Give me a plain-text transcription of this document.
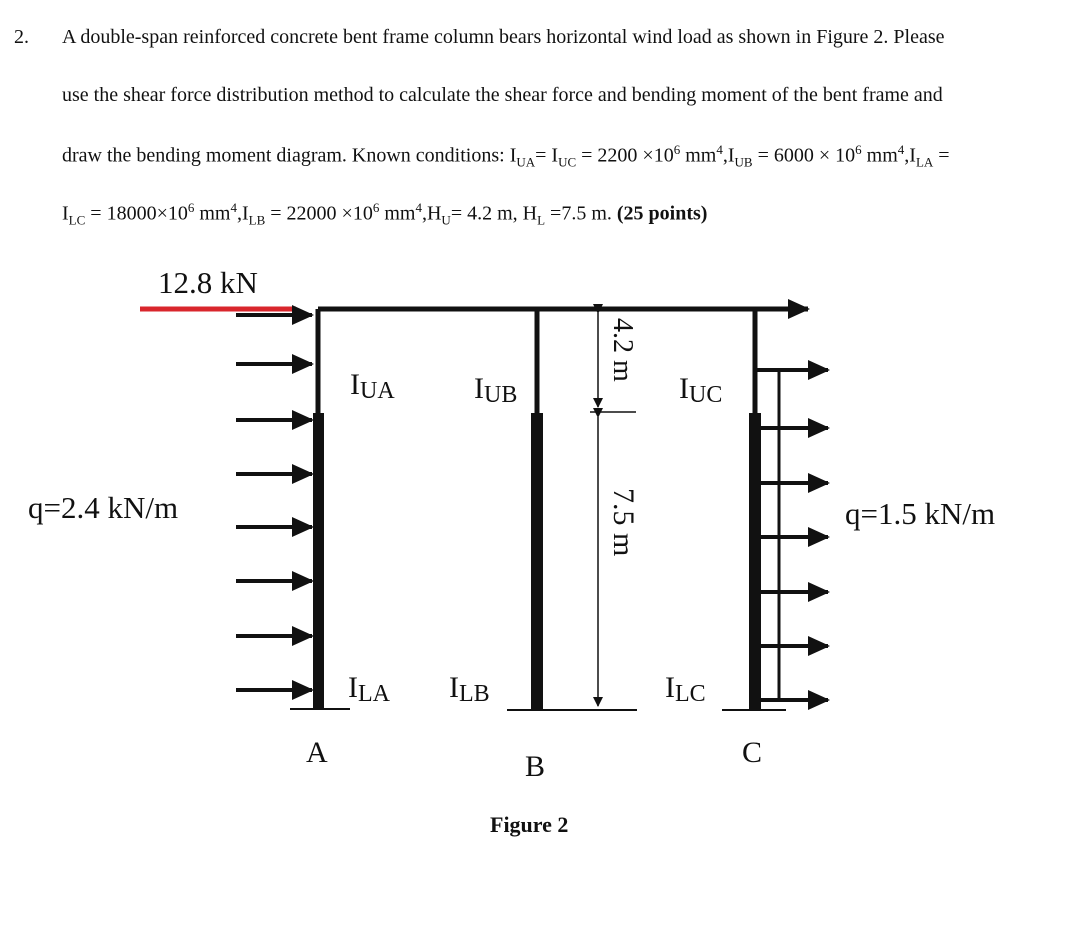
2. A double-span reinforced concrete bent frame column bears horizontal wind load as shown in Figure 2. Please
use the shear force distribution method to calculate the shear force and bending moment of the bent frame and
draw the bending moment diagram. Known conditions: $I_{UA}= I_{UC} = 2200 \times 10^6$ $mm^4,I_{UB} = 6000 \times 10^6$ $mm^4,I_{LA}$ =
$I_{LC} = 18000\times 10^6$ $mm^4,I_{LB} = 22000 \times 10^6$ $mm^4,H_U= 4.2$ m, $H_L =7.5$ m. (25 points)
12.8 kN
q=2.4 kN/m	q=1.5 kN/m
IUA	IUB	IUC
ILA ILB	ILC
4.2 m
7.5 m
A	B	C
Figure 2
